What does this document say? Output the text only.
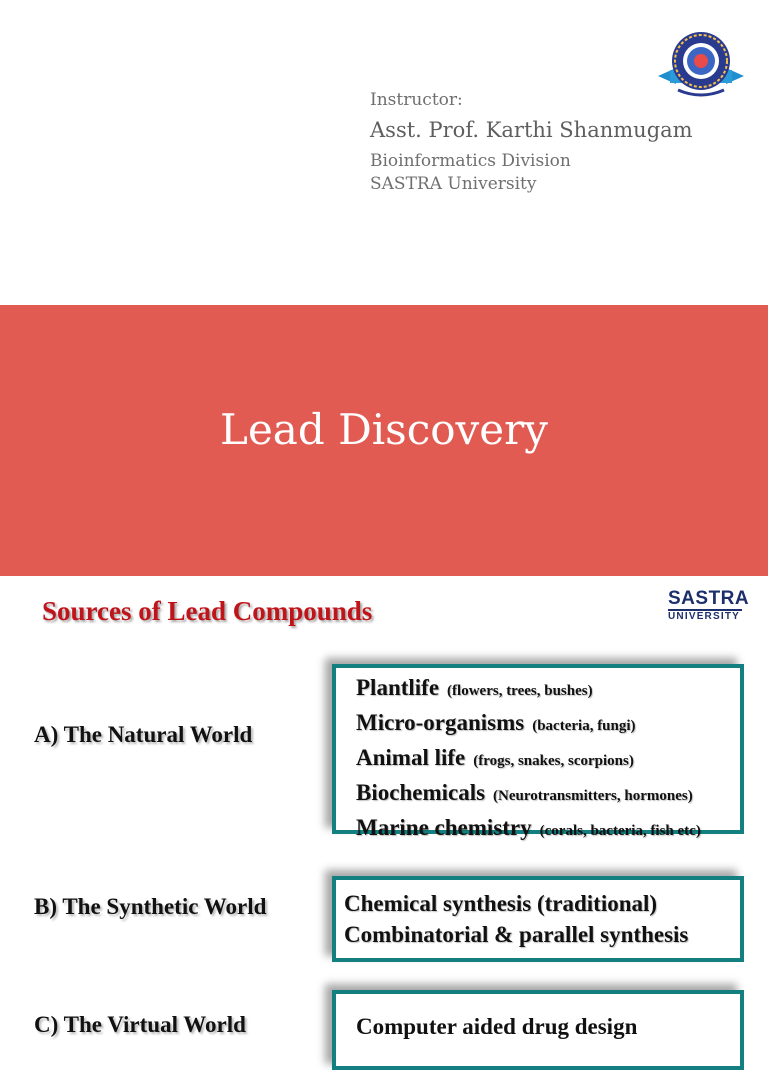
Instructor:
Asst. Prof. Karthi Shanmugam
Bioinformatics Division
SASTRA University
Lead Discovery
Sources of Lead Compounds	SASTRA
UNIVERSITY
A) The Natural World
Plantlife (flowers, trees, bushes)
Micro-organisms (bacteria, fungi)
Animal life (frogs, snakes, scorpions)
Biochemicals (Neurotransmitters, hormones)
Marine chemistry (corals, bacteria, fish etc)
B) The Synthetic World	Chemical synthesis (traditional)
Combinatorial & parallel synthesis
C) The Virtual World	Computer aided drug design
